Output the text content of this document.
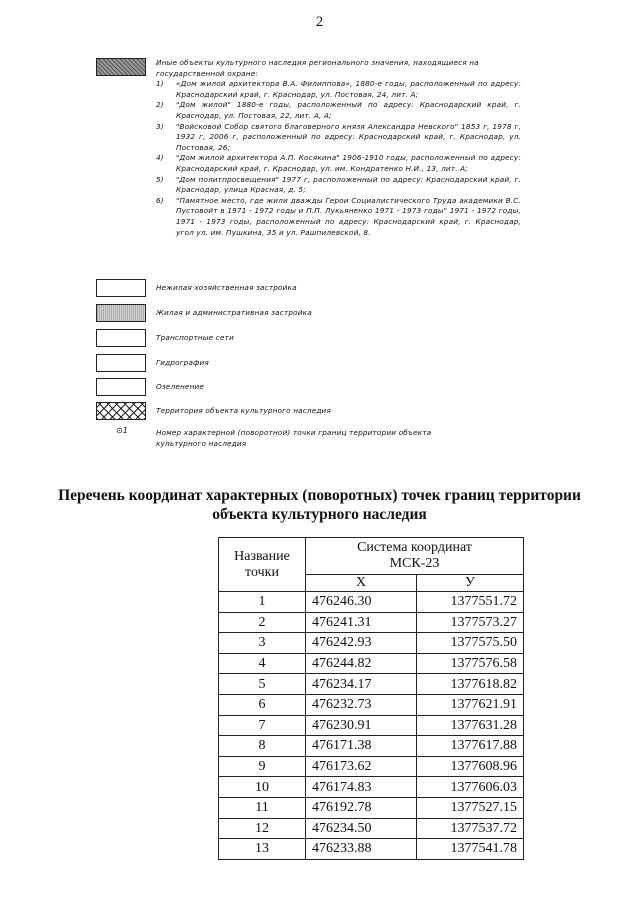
2
Иные объекты культурного наследия регионального значения, находящиеся на государственной охране:
1) «Дом жилой архитектора В.А. Филиппова», 1880-е годы, расположенный по адресу: Краснодарский край, г. Краснодар, ул. Постовая, 24, лит. А;
2) "Дом жилой" 1880-е годы, расположенный по адресу: Краснодарский край, г. Краснодар, ул. Постовая, 22, лит. А, А;
3) "Войсковой Собор святого благоверного князя Александра Невского" 1853 г, 1978 г, 1932 г, 2006 г, расположенный по адресу: Краснодарский край, г. Краснодар, ул. Постовая, 26;
4) "Дом жилой архитектора А.П. Косякина" 1906-1910 годы, расположенный по адресу: Краснодарский край, г. Краснодар, ул. им. Кондратенко Н.И., 13, лит. А;
5) "Дом политпросвещения" 1977 г, расположенный по адресу: Краснодарский край, г. Краснодар, улица Красная, д. 5;
6) "Памятное место, где жили дважды Герои Социалистического Труда академики В.С. Пустовойт в 1971 - 1972 годы и П.П. Лукьяненко 1971 - 1973 годы" 1971 - 1972 годы, 1971 - 1973 годы, расположенный по адресу: Краснодарский край, г. Краснодар, угол ул. им. Пушкина, 35 и ул. Рашпилевской, 8.
Нежилая хозяйственная застройка
Жилая и административная застройка
Транспортные сети
Гидрография
Озеленение
Территория объекта культурного наследия
⊙1	Номер характерной (поворотной) точки границ территории объекта культурного наследия
Перечень координат характерных (поворотных) точек границ территории
объекта культурного наследия
Название точки	Система координат МСК-23	
	X	У
1	476246.30	1377551.72
2	476241.31	1377573.27
3	476242.93	1377575.50
4	476244.82	1377576.58
5	476234.17	1377618.82
6	476232.73	1377621.91
7	476230.91	1377631.28
8	476171.38	1377617.88
9	476173.62	1377608.96
10	476174.83	1377606.03
11	476192.78	1377527.15
12	476234.50	1377537.72
13	476233.88	1377541.78
